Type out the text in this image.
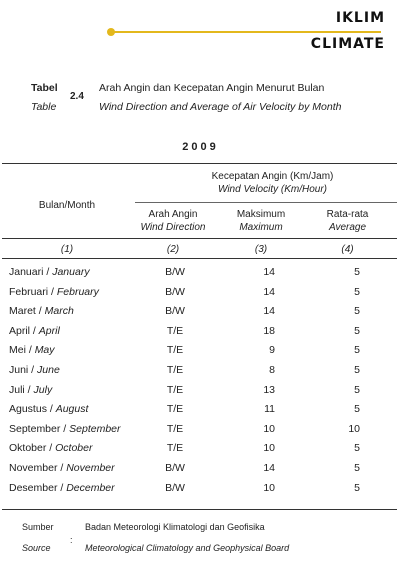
IKLIM
CLIMATE
Tabel
Table
2.4
Arah Angin dan Kecepatan Angin Menurut Bulan
Wind Direction and Average of Air Velocity by Month
2009
Bulan/Month
Kecepatan Angin (Km/Jam)
Wind Velocity (Km/Hour)
Arah Angin
Wind Direction
Maksimum
Maximum
Rata-rata
Average
(1)	(2)	(3)	(4)
Januari / January	B/W	14	5
Februari / February	B/W	14	5
Maret / March	B/W	14	5
April / April	T/E	18	5
Mei / May	T/E	9	5
Juni / June	T/E	8	5
Juli / July	T/E	13	5
Agustus / August	T/E	11	5
September / September	T/E	10	10
Oktober / October	T/E	10	5
November / November	B/W	14	5
Desember / December	B/W	10	5
Sumber
Source
:
Badan Meteorologi Klimatologi dan Geofisika
Meteorological Climatology and Geophysical Board
